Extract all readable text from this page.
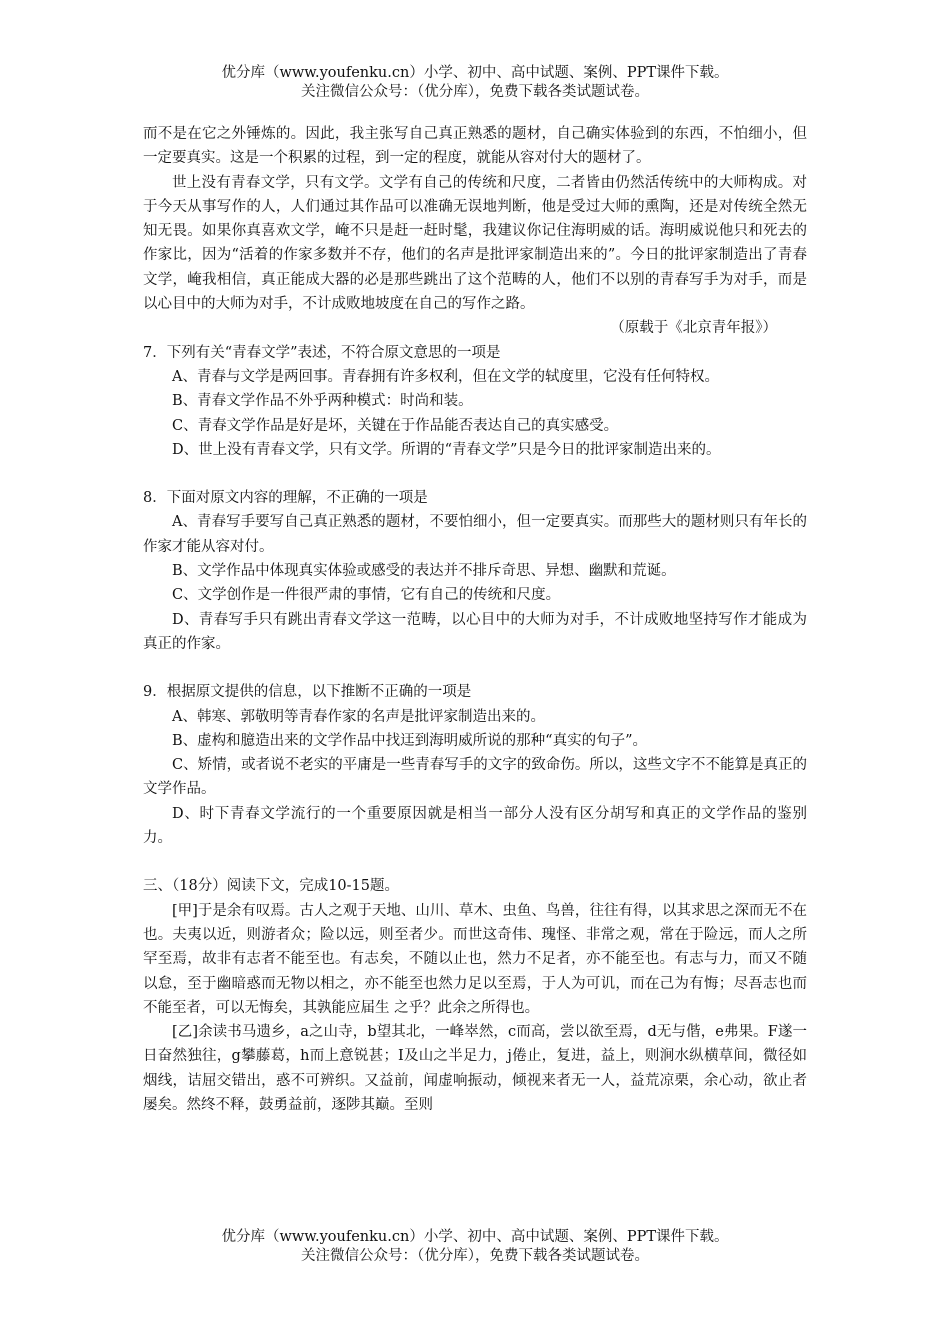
优分库（www.youfenku.cn）小学、初中、高中试题、案例、PPT课件下载。
关注微信公众号：（优分库），免费下载各类试题试卷。

而不是在它之外锤炼的。因此，我主张写自己真正熟悉的题材，自己确实体验到的东西，不怕细小，但一定要真实。这是一个积累的过程，到一定的程度，就能从容对付大的题材了。

世上没有青春文学，只有文学。文学有自己的传统和尺度，二者皆由仍然活传统中的大师构成。对于今天从事写作的人，人们通过其作品可以准确无误地判断，他是受过大师的熏陶，还是对传统全然无知无畏。如果你真喜欢文学，崦不只是赶一赶时髦，我建议你记住海明威的话。海明威说他只和死去的作家比，因为“活着的作家多数并不存，他们的名声是批评家制造出来的”。今日的批评家制造出了青春文学，崦我相信，真正能成大器的必是那些跳出了这个范畴的人，他们不以别的青春写手为对手，而是以心目中的大师为对手，不计成败地坡度在自己的写作之路。

（原载于《北京青年报》）

7．下列有关“青春文学”表述，不符合原文意思的一项是

A、青春与文学是两回事。青春拥有许多权利，但在文学的轼度里，它没有任何特权。

B、青春文学作品不外乎两种模式：时尚和装。

C、青春文学作品是好是坏，关键在于作品能否表达自己的真实感受。

D、世上没有青春文学，只有文学。所谓的“青春文学”只是今日的批评家制造出来的。

8．下面对原文内容的理解，不正确的一项是

A、青春写手要写自己真正熟悉的题材，不要怕细小，但一定要真实。而那些大的题材则只有年长的作家才能从容对付。

B、文学作品中体现真实体验或感受的表达并不排斥奇思、异想、幽默和荒诞。

C、文学创作是一件很严肃的事情，它有自己的传统和尺度。

D、青春写手只有跳出青春文学这一范畴，以心目中的大师为对手，不计成败地坚持写作才能成为真正的作家。

9．根据原文提供的信息，以下推断不正确的一项是

A、韩寒、郭敬明等青春作家的名声是批评家制造出来的。

B、虚构和臆造出来的文学作品中找迋到海明威所说的那种“真实的句子”。

C、矫情，或者说不老实的平庸是一些青春写手的文字的致命伤。所以，这些文字不不能算是真正的文学作品。

D、时下青春文学流行的一个重要原因就是相当一部分人没有区分胡写和真正的文学作品的鉴别力。

三、（18分）阅读下文，完成10-15题。

[甲]于是余有叹焉。古人之观于天地、山川、草木、虫鱼、鸟兽，往往有得，以其求思之深而无不在也。夫夷以近，则游者众；险以远，则至者少。而世这奇伟、瑰怪、非常之观，常在于险远，而人之所罕至焉，故非有志者不能至也。有志矣，不随以止也，然力不足者，亦不能至也。有志与力，而又不随以怠，至于幽暗惑而无物以相之，亦不能至也然力足以至焉，于人为可讥，而在己为有悔；尽吾志也而不能至者，可以无悔矣，其孰能应届生 之乎？此余之所得也。

[乙]余读书马遗乡，a之山寺，b望其北，一峰崒然，c而高，尝以欲至焉，d无与偕，e弗果。F遂一日奋然独往，g攀藤葛，h而上意锐甚；I及山之半足力，j倦止，复进，益上，则涧水纵横草间，微径如烟线，诘屈交错出，惑不可辨织。又益前，闻虚响振动，倾视来者无一人，益荒凉栗，余心动，欲止者屡矣。然终不释，鼓勇益前，逐陟其巅。至则

优分库（www.youfenku.cn）小学、初中、高中试题、案例、PPT课件下载。
关注微信公众号：（优分库），免费下载各类试题试卷。
